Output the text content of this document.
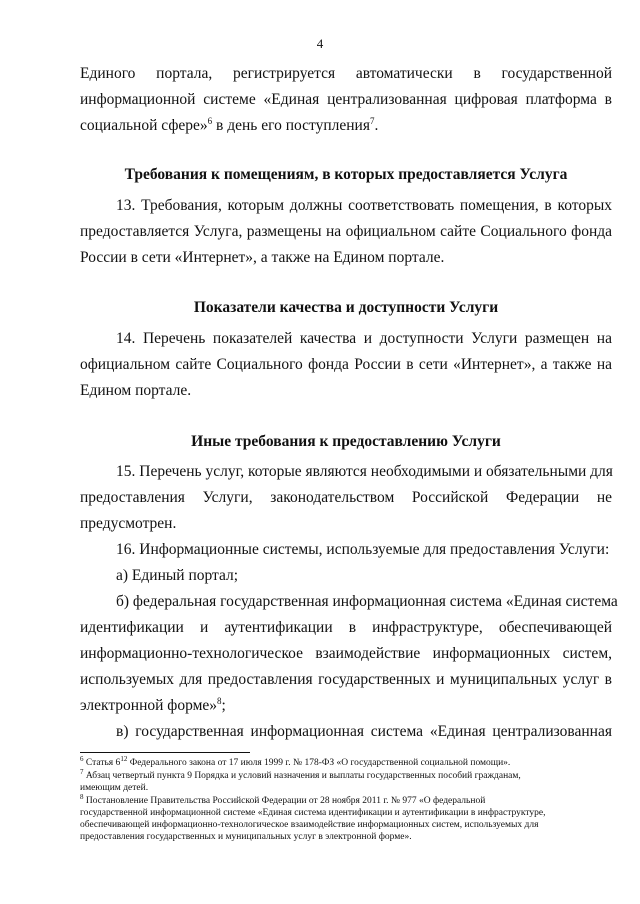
4
Единого портала, регистрируется автоматически в государственной
информационной системе «Единая централизованная цифровая платформа в
социальной сфере»$^6$ в день его поступления$^7$.
Требования к помещениям, в которых предоставляется Услуга
13. Требования, которым должны соответствовать помещения, в которых
предоставляется Услуга, размещены на официальном сайте Социального фонда
России в сети «Интернет», а также на Едином портале.
Показатели качества и доступности Услуги
14. Перечень показателей качества и доступности Услуги размещен на
официальном сайте Социального фонда России в сети «Интернет», а также на
Едином портале.
Иные требования к предоставлению Услуги
15. Перечень услуг, которые являются необходимыми и обязательными для
предоставления Услуги, законодательством Российской Федерации не
предусмотрен.
16. Информационные системы, используемые для предоставления Услуги:
а) Единый портал;
б) федеральная государственная информационная система «Единая система
идентификации и аутентификации в инфраструктуре, обеспечивающей
информационно-технологическое взаимодействие информационных систем,
используемых для предоставления государственных и муниципальных услуг в
электронной форме»$^8$;
в) государственная информационная система «Единая централизованная
$^6$ Статья $6^{12}$ Федерального закона от 17 июля 1999 г. № 178-ФЗ «О государственной социальной помощи».
$^7$ Абзац четвертый пункта 9 Порядка и условий назначения и выплаты государственных пособий гражданам,
имеющим детей.
$^8$ Постановление Правительства Российской Федерации от 28 ноября 2011 г. № 977 «О федеральной
государственной информационной системе «Единая система идентификации и аутентификации в инфраструктуре,
обеспечивающей информационно-технологическое взаимодействие информационных систем, используемых для
предоставления государственных и муниципальных услуг в электронной форме».
